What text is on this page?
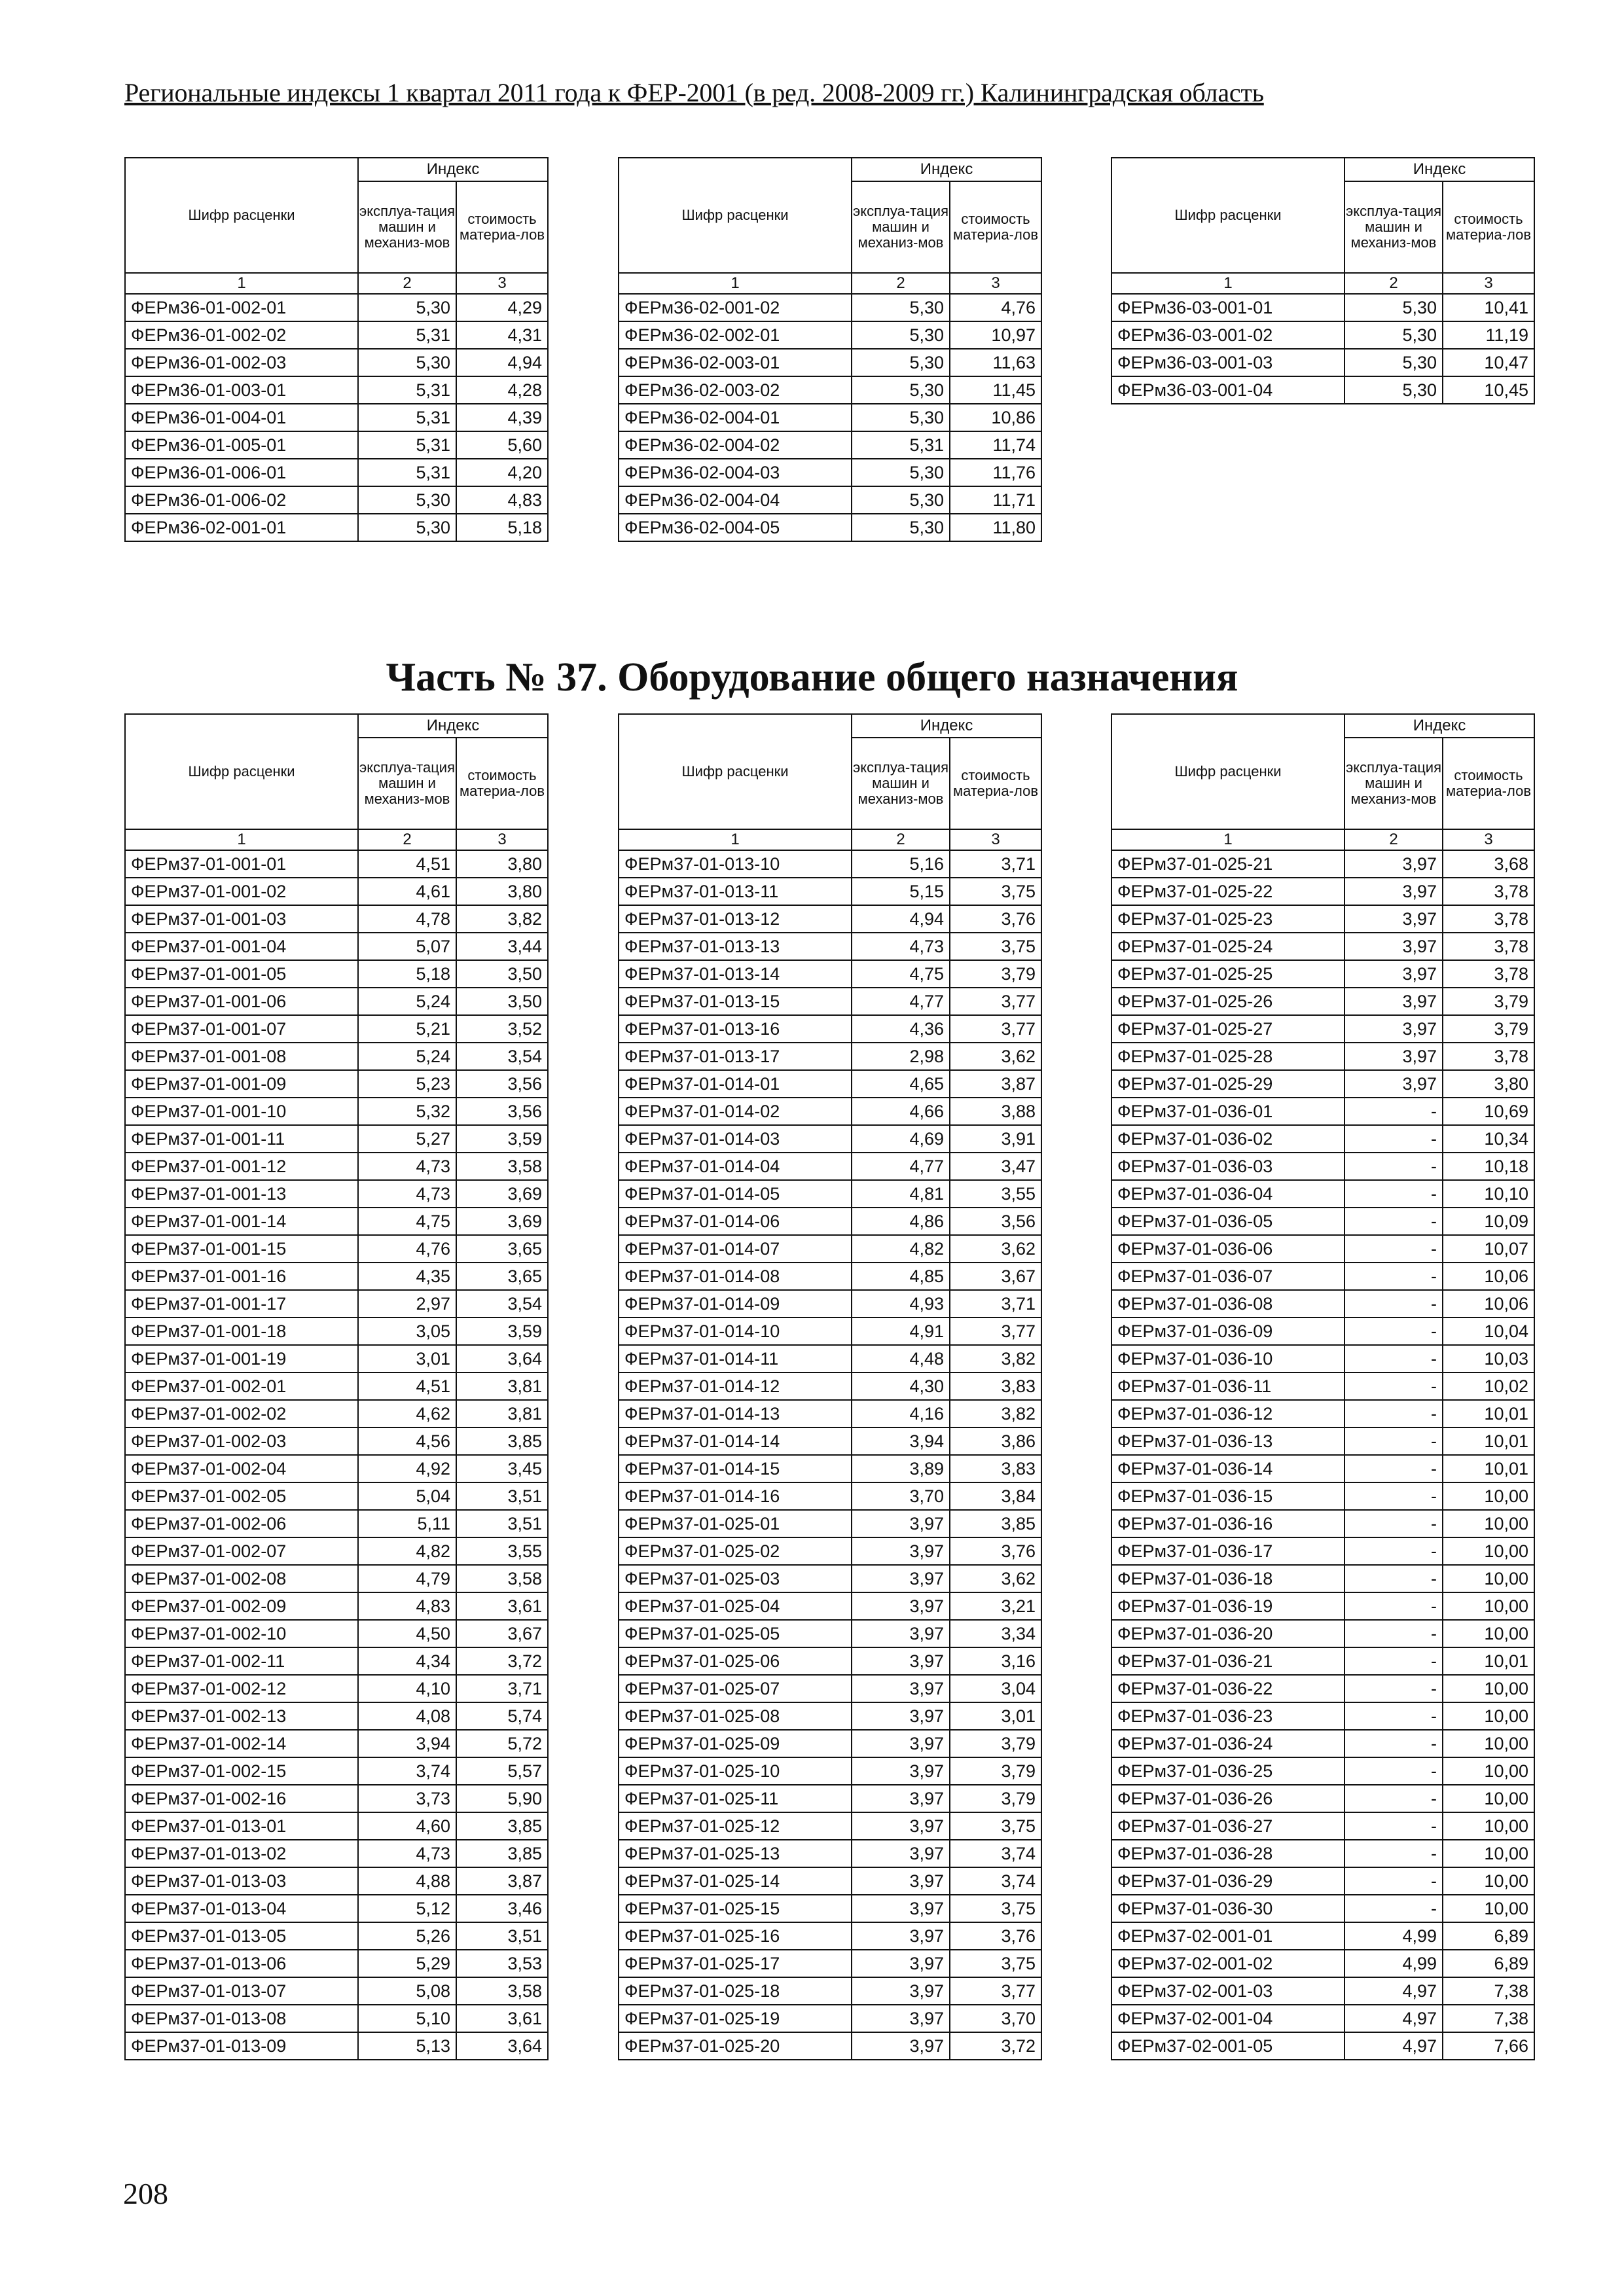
Региональные индексы 1 квартал 2011 года к ФЕР-2001 (в ред. 2008-2009 гг.) Калининградская область
Шифр расценки	Индекс	
	эксплуа-тация машин и механиз-мов	стоимость материа-лов
1	2	3
ФЕРм36-01-002-01	5,30	4,29
ФЕРм36-01-002-02	5,31	4,31
ФЕРм36-01-002-03	5,30	4,94
ФЕРм36-01-003-01	5,31	4,28
ФЕРм36-01-004-01	5,31	4,39
ФЕРм36-01-005-01	5,31	5,60
ФЕРм36-01-006-01	5,31	4,20
ФЕРм36-01-006-02	5,30	4,83
ФЕРм36-02-001-01	5,30	5,18
Шифр расценки	Индекс	
	эксплуа-тация машин и механиз-мов	стоимость материа-лов
1	2	3
ФЕРм36-02-001-02	5,30	4,76
ФЕРм36-02-002-01	5,30	10,97
ФЕРм36-02-003-01	5,30	11,63
ФЕРм36-02-003-02	5,30	11,45
ФЕРм36-02-004-01	5,30	10,86
ФЕРм36-02-004-02	5,31	11,74
ФЕРм36-02-004-03	5,30	11,76
ФЕРм36-02-004-04	5,30	11,71
ФЕРм36-02-004-05	5,30	11,80
Шифр расценки	Индекс	
	эксплуа-тация машин и механиз-мов	стоимость материа-лов
1	2	3
ФЕРм36-03-001-01	5,30	10,41
ФЕРм36-03-001-02	5,30	11,19
ФЕРм36-03-001-03	5,30	10,47
ФЕРм36-03-001-04	5,30	10,45
Часть № 37. Оборудование общего назначения
Шифр расценки	Индекс	
	эксплуа-тация машин и механиз-мов	стоимость материа-лов
1	2	3
ФЕРм37-01-001-01	4,51	3,80
ФЕРм37-01-001-02	4,61	3,80
ФЕРм37-01-001-03	4,78	3,82
ФЕРм37-01-001-04	5,07	3,44
ФЕРм37-01-001-05	5,18	3,50
ФЕРм37-01-001-06	5,24	3,50
ФЕРм37-01-001-07	5,21	3,52
ФЕРм37-01-001-08	5,24	3,54
ФЕРм37-01-001-09	5,23	3,56
ФЕРм37-01-001-10	5,32	3,56
ФЕРм37-01-001-11	5,27	3,59
ФЕРм37-01-001-12	4,73	3,58
ФЕРм37-01-001-13	4,73	3,69
ФЕРм37-01-001-14	4,75	3,69
ФЕРм37-01-001-15	4,76	3,65
ФЕРм37-01-001-16	4,35	3,65
ФЕРм37-01-001-17	2,97	3,54
ФЕРм37-01-001-18	3,05	3,59
ФЕРм37-01-001-19	3,01	3,64
ФЕРм37-01-002-01	4,51	3,81
ФЕРм37-01-002-02	4,62	3,81
ФЕРм37-01-002-03	4,56	3,85
ФЕРм37-01-002-04	4,92	3,45
ФЕРм37-01-002-05	5,04	3,51
ФЕРм37-01-002-06	5,11	3,51
ФЕРм37-01-002-07	4,82	3,55
ФЕРм37-01-002-08	4,79	3,58
ФЕРм37-01-002-09	4,83	3,61
ФЕРм37-01-002-10	4,50	3,67
ФЕРм37-01-002-11	4,34	3,72
ФЕРм37-01-002-12	4,10	3,71
ФЕРм37-01-002-13	4,08	5,74
ФЕРм37-01-002-14	3,94	5,72
ФЕРм37-01-002-15	3,74	5,57
ФЕРм37-01-002-16	3,73	5,90
ФЕРм37-01-013-01	4,60	3,85
ФЕРм37-01-013-02	4,73	3,85
ФЕРм37-01-013-03	4,88	3,87
ФЕРм37-01-013-04	5,12	3,46
ФЕРм37-01-013-05	5,26	3,51
ФЕРм37-01-013-06	5,29	3,53
ФЕРм37-01-013-07	5,08	3,58
ФЕРм37-01-013-08	5,10	3,61
ФЕРм37-01-013-09	5,13	3,64
Шифр расценки	Индекс	
	эксплуа-тация машин и механиз-мов	стоимость материа-лов
1	2	3
ФЕРм37-01-013-10	5,16	3,71
ФЕРм37-01-013-11	5,15	3,75
ФЕРм37-01-013-12	4,94	3,76
ФЕРм37-01-013-13	4,73	3,75
ФЕРм37-01-013-14	4,75	3,79
ФЕРм37-01-013-15	4,77	3,77
ФЕРм37-01-013-16	4,36	3,77
ФЕРм37-01-013-17	2,98	3,62
ФЕРм37-01-014-01	4,65	3,87
ФЕРм37-01-014-02	4,66	3,88
ФЕРм37-01-014-03	4,69	3,91
ФЕРм37-01-014-04	4,77	3,47
ФЕРм37-01-014-05	4,81	3,55
ФЕРм37-01-014-06	4,86	3,56
ФЕРм37-01-014-07	4,82	3,62
ФЕРм37-01-014-08	4,85	3,67
ФЕРм37-01-014-09	4,93	3,71
ФЕРм37-01-014-10	4,91	3,77
ФЕРм37-01-014-11	4,48	3,82
ФЕРм37-01-014-12	4,30	3,83
ФЕРм37-01-014-13	4,16	3,82
ФЕРм37-01-014-14	3,94	3,86
ФЕРм37-01-014-15	3,89	3,83
ФЕРм37-01-014-16	3,70	3,84
ФЕРм37-01-025-01	3,97	3,85
ФЕРм37-01-025-02	3,97	3,76
ФЕРм37-01-025-03	3,97	3,62
ФЕРм37-01-025-04	3,97	3,21
ФЕРм37-01-025-05	3,97	3,34
ФЕРм37-01-025-06	3,97	3,16
ФЕРм37-01-025-07	3,97	3,04
ФЕРм37-01-025-08	3,97	3,01
ФЕРм37-01-025-09	3,97	3,79
ФЕРм37-01-025-10	3,97	3,79
ФЕРм37-01-025-11	3,97	3,79
ФЕРм37-01-025-12	3,97	3,75
ФЕРм37-01-025-13	3,97	3,74
ФЕРм37-01-025-14	3,97	3,74
ФЕРм37-01-025-15	3,97	3,75
ФЕРм37-01-025-16	3,97	3,76
ФЕРм37-01-025-17	3,97	3,75
ФЕРм37-01-025-18	3,97	3,77
ФЕРм37-01-025-19	3,97	3,70
ФЕРм37-01-025-20	3,97	3,72
Шифр расценки	Индекс	
	эксплуа-тация машин и механиз-мов	стоимость материа-лов
1	2	3
ФЕРм37-01-025-21	3,97	3,68
ФЕРм37-01-025-22	3,97	3,78
ФЕРм37-01-025-23	3,97	3,78
ФЕРм37-01-025-24	3,97	3,78
ФЕРм37-01-025-25	3,97	3,78
ФЕРм37-01-025-26	3,97	3,79
ФЕРм37-01-025-27	3,97	3,79
ФЕРм37-01-025-28	3,97	3,78
ФЕРм37-01-025-29	3,97	3,80
ФЕРм37-01-036-01	-	10,69
ФЕРм37-01-036-02	-	10,34
ФЕРм37-01-036-03	-	10,18
ФЕРм37-01-036-04	-	10,10
ФЕРм37-01-036-05	-	10,09
ФЕРм37-01-036-06	-	10,07
ФЕРм37-01-036-07	-	10,06
ФЕРм37-01-036-08	-	10,06
ФЕРм37-01-036-09	-	10,04
ФЕРм37-01-036-10	-	10,03
ФЕРм37-01-036-11	-	10,02
ФЕРм37-01-036-12	-	10,01
ФЕРм37-01-036-13	-	10,01
ФЕРм37-01-036-14	-	10,01
ФЕРм37-01-036-15	-	10,00
ФЕРм37-01-036-16	-	10,00
ФЕРм37-01-036-17	-	10,00
ФЕРм37-01-036-18	-	10,00
ФЕРм37-01-036-19	-	10,00
ФЕРм37-01-036-20	-	10,00
ФЕРм37-01-036-21	-	10,01
ФЕРм37-01-036-22	-	10,00
ФЕРм37-01-036-23	-	10,00
ФЕРм37-01-036-24	-	10,00
ФЕРм37-01-036-25	-	10,00
ФЕРм37-01-036-26	-	10,00
ФЕРм37-01-036-27	-	10,00
ФЕРм37-01-036-28	-	10,00
ФЕРм37-01-036-29	-	10,00
ФЕРм37-01-036-30	-	10,00
ФЕРм37-02-001-01	4,99	6,89
ФЕРм37-02-001-02	4,99	6,89
ФЕРм37-02-001-03	4,97	7,38
ФЕРм37-02-001-04	4,97	7,38
ФЕРм37-02-001-05	4,97	7,66
208
